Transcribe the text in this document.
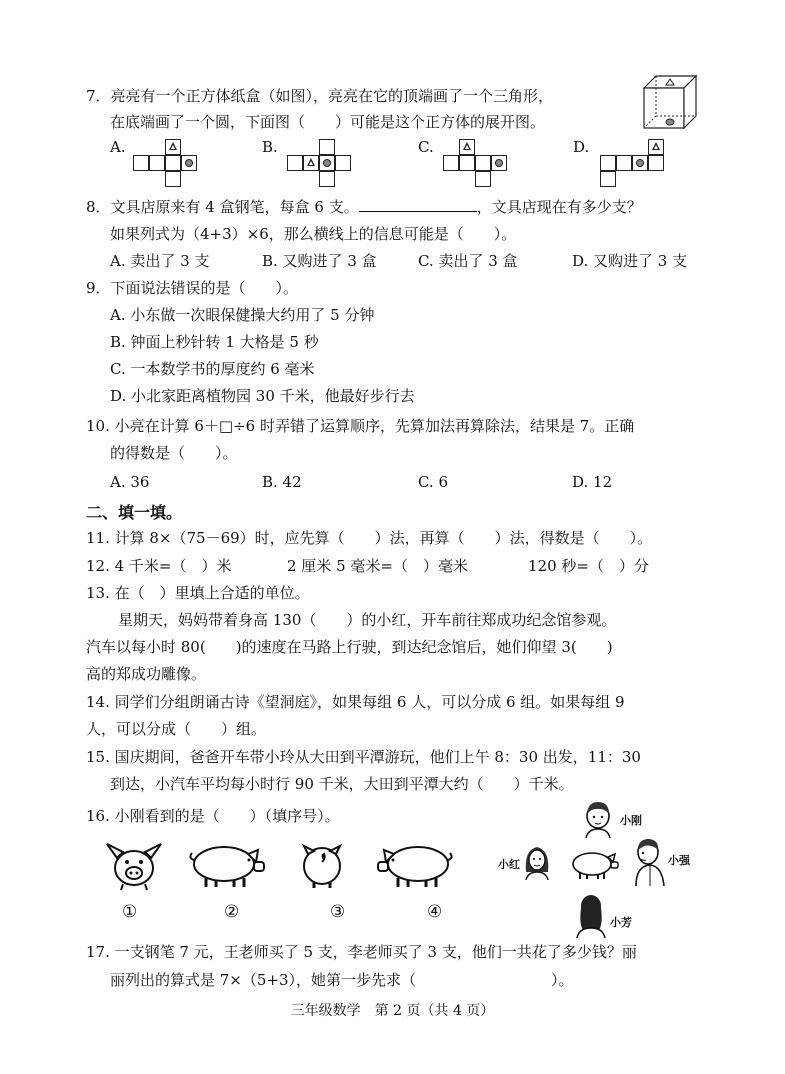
7．亮亮有一个正方体纸盒（如图），亮亮在它的顶端画了一个三角形，
在底端画了一个圆，下面图（　　）可能是这个正方体的展开图。
A.	B.	C.	D.
8．文具店原来有 4 盒钢笔，每盒 6 支。	，文具店现在有多少支？
如果列式为（4+3）×6，那么横线上的信息可能是（　　）。
A. 卖出了 3 支	B. 又购进了 3 盒	C. 卖出了 3 盒	D. 又购进了 3 支
9．下面说法错误的是（　　）。
A. 小东做一次眼保健操大约用了 5 分钟
B. 钟面上秒针转 1 大格是 5 秒
C. 一本数学书的厚度约 6 毫米
D. 小北家距离植物园 30 千米，他最好步行去
10. 小亮在计算 6＋□÷6 时弄错了运算顺序，先算加法再算除法，结果是 7。正确
的得数是（　　）。
A. 36	B. 42	C. 6	D. 12
二、填一填。
11. 计算 8×（75－69）时，应先算（　　）法，再算（　　）法，得数是（　　）。
12. 4 千米=（　）米	2 厘米 5 毫米=（　）毫米	120 秒=（　）分
13. 在（　）里填上合适的单位。
星期天，妈妈带着身高 130（　　）的小红，开车前往郑成功纪念馆参观。
汽车以每小时 80(　　)的速度在马路上行驶，到达纪念馆后，她们仰望 3(　　)
高的郑成功雕像。
14. 同学们分组朗诵古诗《望洞庭》，如果每组 6 人，可以分成 6 组。如果每组 9
人，可以分成（　　）组。
15. 国庆期间，爸爸开车带小玲从大田到平潭游玩，他们上午 8：30 出发，11：30
到达，小汽车平均每小时行 90 千米，大田到平潭大约（　　）千米。
16. 小刚看到的是（　　）（填序号）。
①	②	③	④
小刚
小红	小强
小芳
17. 一支钢笔 7 元，王老师买了 5 支，李老师买了 3 支，他们一共花了多少钱？丽
丽列出的算式是 7×（5+3），她第一步先求（　　　　　　　　　）。
三年级数学　第 2 页（共 4 页）
